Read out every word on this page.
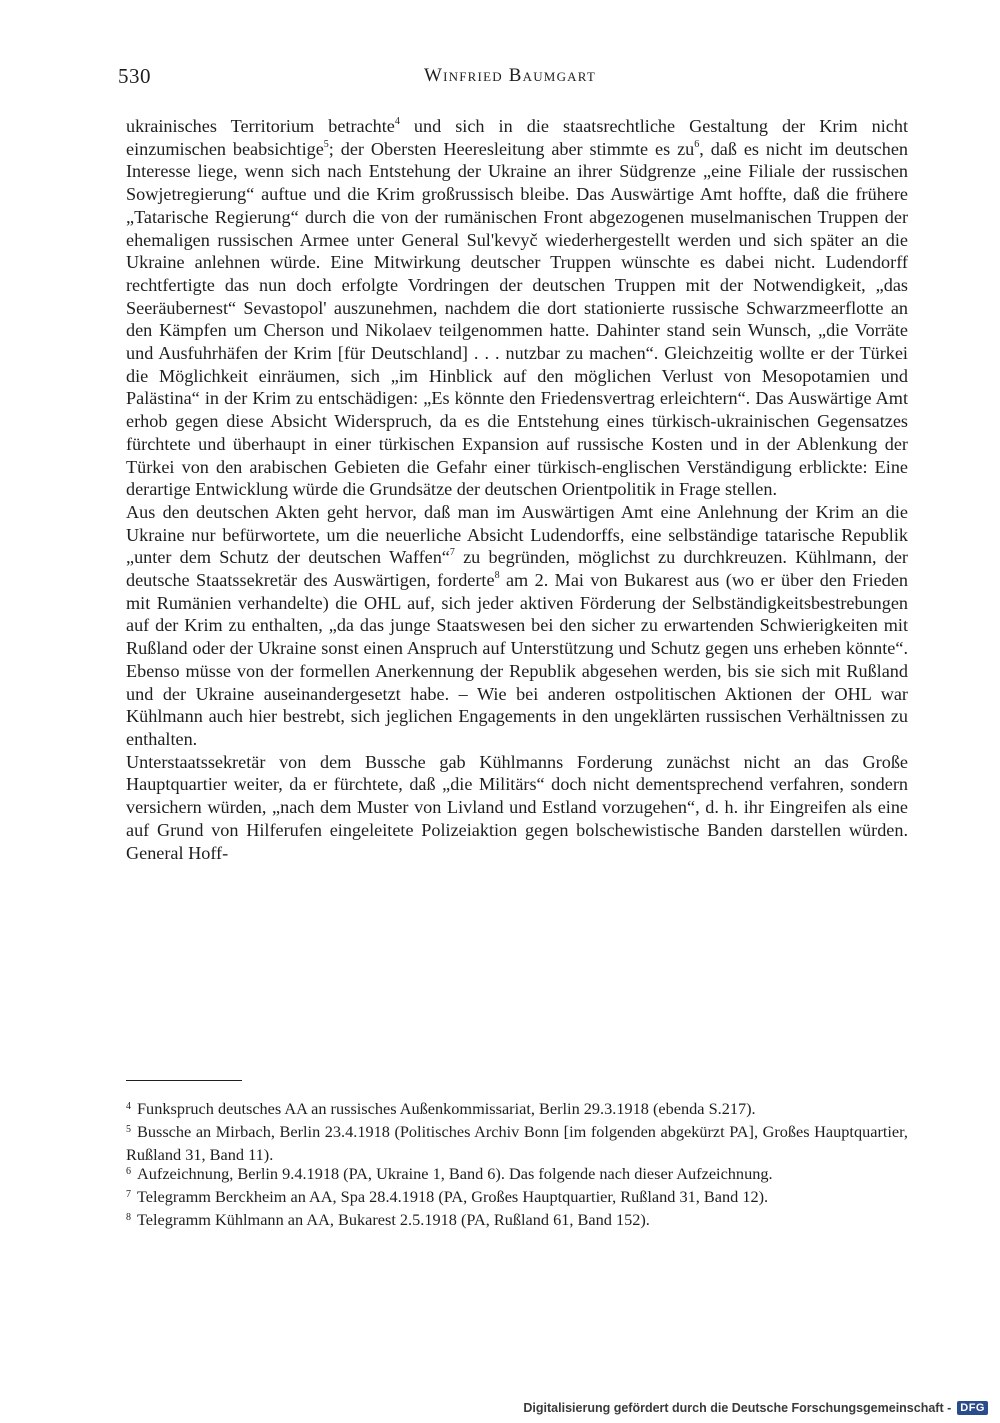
530	Winfried Baumgart

ukrainisches Territorium betrachte$^4$ und sich in die staatsrechtliche Gestaltung der Krim nicht einzumischen beabsichtige$^5$; der Obersten Heeresleitung aber stimmte es $zu^6$, daß es nicht im deutschen Interesse liege, wenn sich nach Entstehung der Ukraine an ihrer Südgrenze „eine Filiale der russischen Sowjetregierung“ auftue und die Krim großrussisch bleibe. Das Auswärtige Amt hoffte, daß die frühere „Tatarische Regierung“ durch die von der rumänischen Front abgezogenen muselmanischen Truppen der ehemaligen russischen Armee unter General Sul'kevyč wiederhergestellt werden und sich später an die Ukraine anlehnen würde. Eine Mitwirkung deutscher Truppen wünschte es dabei nicht. Ludendorff rechtfertigte das nun doch erfolgte Vordringen der deutschen Truppen mit der Notwendigkeit, „das Seeräubernest“ Sevastopol' auszunehmen, nachdem die dort stationierte russische Schwarzmeerflotte an den Kämpfen um Cherson und Nikolaev teilgenommen hatte. Dahinter stand sein Wunsch, „die Vorräte und Ausfuhrhäfen der Krim [für Deutschland] . . . nutzbar zu machen“. Gleichzeitig wollte er der Türkei die Möglichkeit einräumen, sich „im Hinblick auf den möglichen Verlust von Mesopotamien und Palästina“ in der Krim zu entschädigen: „Es könnte den Friedensvertrag erleichtern“. Das Auswärtige Amt erhob gegen diese Absicht Widerspruch, da es die Entstehung eines türkisch-ukrainischen Gegensatzes fürchtete und überhaupt in einer türkischen Expansion auf russische Kosten und in der Ablenkung der Türkei von den arabischen Gebieten die Gefahr einer türkisch-englischen Verständigung erblickte: Eine derartige Entwicklung würde die Grundsätze der deutschen Orientpolitik in Frage stellen.

Aus den deutschen Akten geht hervor, daß man im Auswärtigen Amt eine Anlehnung der Krim an die Ukraine nur befürwortete, um die neuerliche Absicht Ludendorffs, eine selbständige tatarische Republik „unter dem Schutz der deutschen Waffen“$^7$ zu begründen, möglichst zu durchkreuzen. Kühlmann, der deutsche Staatssekretär des Auswärtigen, forderte$^8$ am 2. Mai von Bukarest aus (wo er über den Frieden mit Rumänien verhandelte) die OHL auf, sich jeder aktiven Förderung der Selbständigkeitsbestrebungen auf der Krim zu enthalten, „da das junge Staatswesen bei den sicher zu erwartenden Schwierigkeiten mit Rußland oder der Ukraine sonst einen Anspruch auf Unterstützung und Schutz gegen uns erheben könnte“. Ebenso müsse von der formellen Anerkennung der Republik abgesehen werden, bis sie sich mit Rußland und der Ukraine auseinandergesetzt habe. – Wie bei anderen ostpolitischen Aktionen der OHL war Kühlmann auch hier bestrebt, sich jeglichen Engagements in den ungeklärten russischen Verhältnissen zu enthalten.

Unterstaatssekretär von dem Bussche gab Kühlmanns Forderung zunächst nicht an das Große Hauptquartier weiter, da er fürchtete, daß „die Militärs“ doch nicht dementsprechend verfahren, sondern versichern würden, „nach dem Muster von Livland und Estland vorzugehen“, d. h. ihr Eingreifen als eine auf Grund von Hilferufen eingeleitete Polizeiaktion gegen bolschewistische Banden darstellen würden. General Hoff-

$^4$ Funkspruch deutsches AA an russisches Außenkommissariat, Berlin 29.3.1918 (ebenda S.217).

$^5$ Bussche an Mirbach, Berlin 23.4.1918 (Politisches Archiv Bonn [im folgenden abgekürzt PA], Großes Hauptquartier, Rußland 31, Band 11).

$^6$ Aufzeichnung, Berlin 9.4.1918 (PA, Ukraine 1, Band 6). Das folgende nach dieser Aufzeichnung.

$^7$ Telegramm Berckheim an AA, Spa 28.4.1918 (PA, Großes Hauptquartier, Rußland 31, Band 12).

$^8$ Telegramm Kühlmann an AA, Bukarest 2.5.1918 (PA, Rußland 61, Band 152).

Digitalisierung gefördert durch die Deutsche Forschungsgemeinschaft - DFG
